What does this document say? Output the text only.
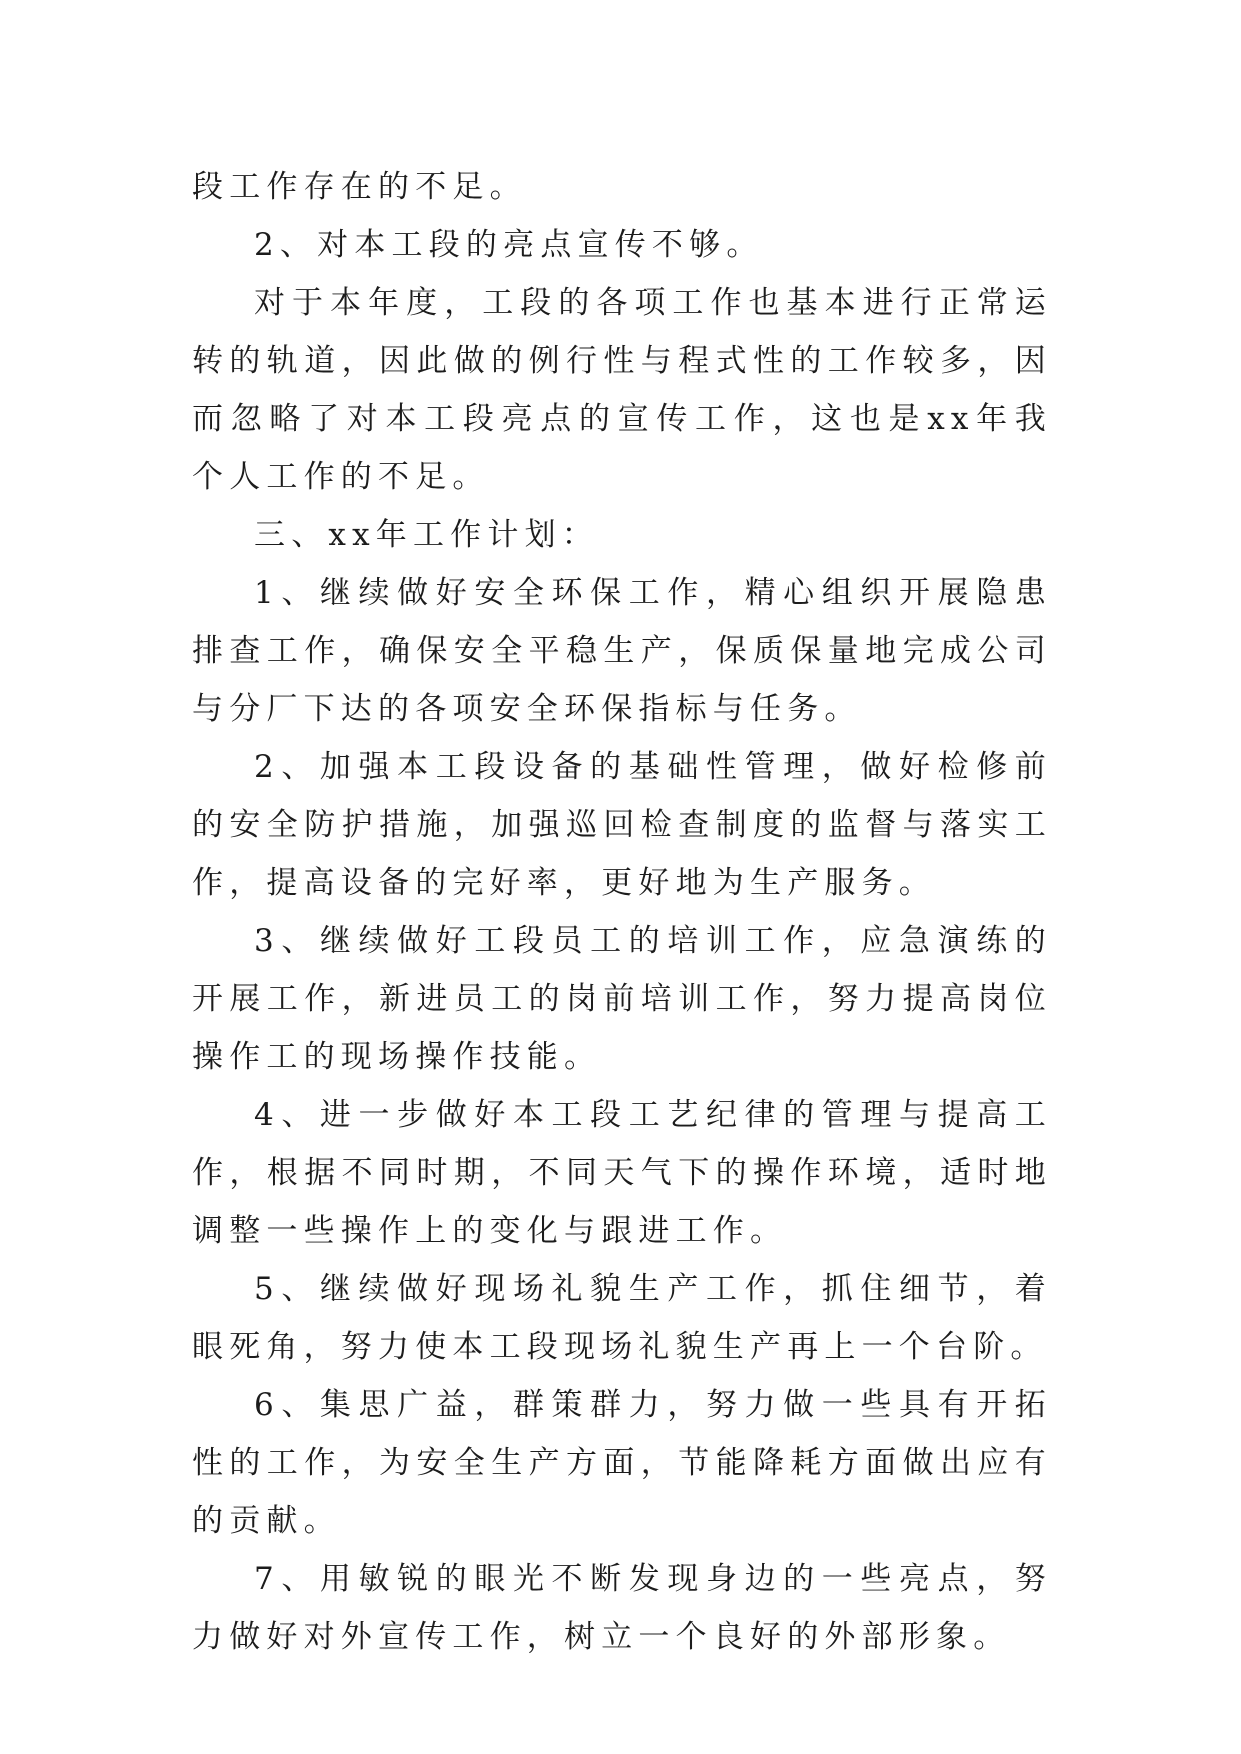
段工作存在的不足。

2、对本工段的亮点宣传不够。

对于本年度，工段的各项工作也基本进行正常运转的轨道，因此做的例行性与程式性的工作较多，因而忽略了对本工段亮点的宣传工作，这也是xx年我个人工作的不足。

三、xx年工作计划：

1、继续做好安全环保工作，精心组织开展隐患排查工作，确保安全平稳生产，保质保量地完成公司与分厂下达的各项安全环保指标与任务。

2、加强本工段设备的基础性管理，做好检修前的安全防护措施，加强巡回检查制度的监督与落实工作，提高设备的完好率，更好地为生产服务。

3、继续做好工段员工的培训工作，应急演练的开展工作，新进员工的岗前培训工作，努力提高岗位操作工的现场操作技能。

4、进一步做好本工段工艺纪律的管理与提高工作，根据不同时期，不同天气下的操作环境，适时地调整一些操作上的变化与跟进工作。

5、继续做好现场礼貌生产工作，抓住细节，着眼死角，努力使本工段现场礼貌生产再上一个台阶。

6、集思广益，群策群力，努力做一些具有开拓性的工作，为安全生产方面，节能降耗方面做出应有的贡献。

7、用敏锐的眼光不断发现身边的一些亮点，努力做好对外宣传工作，树立一个良好的外部形象。
